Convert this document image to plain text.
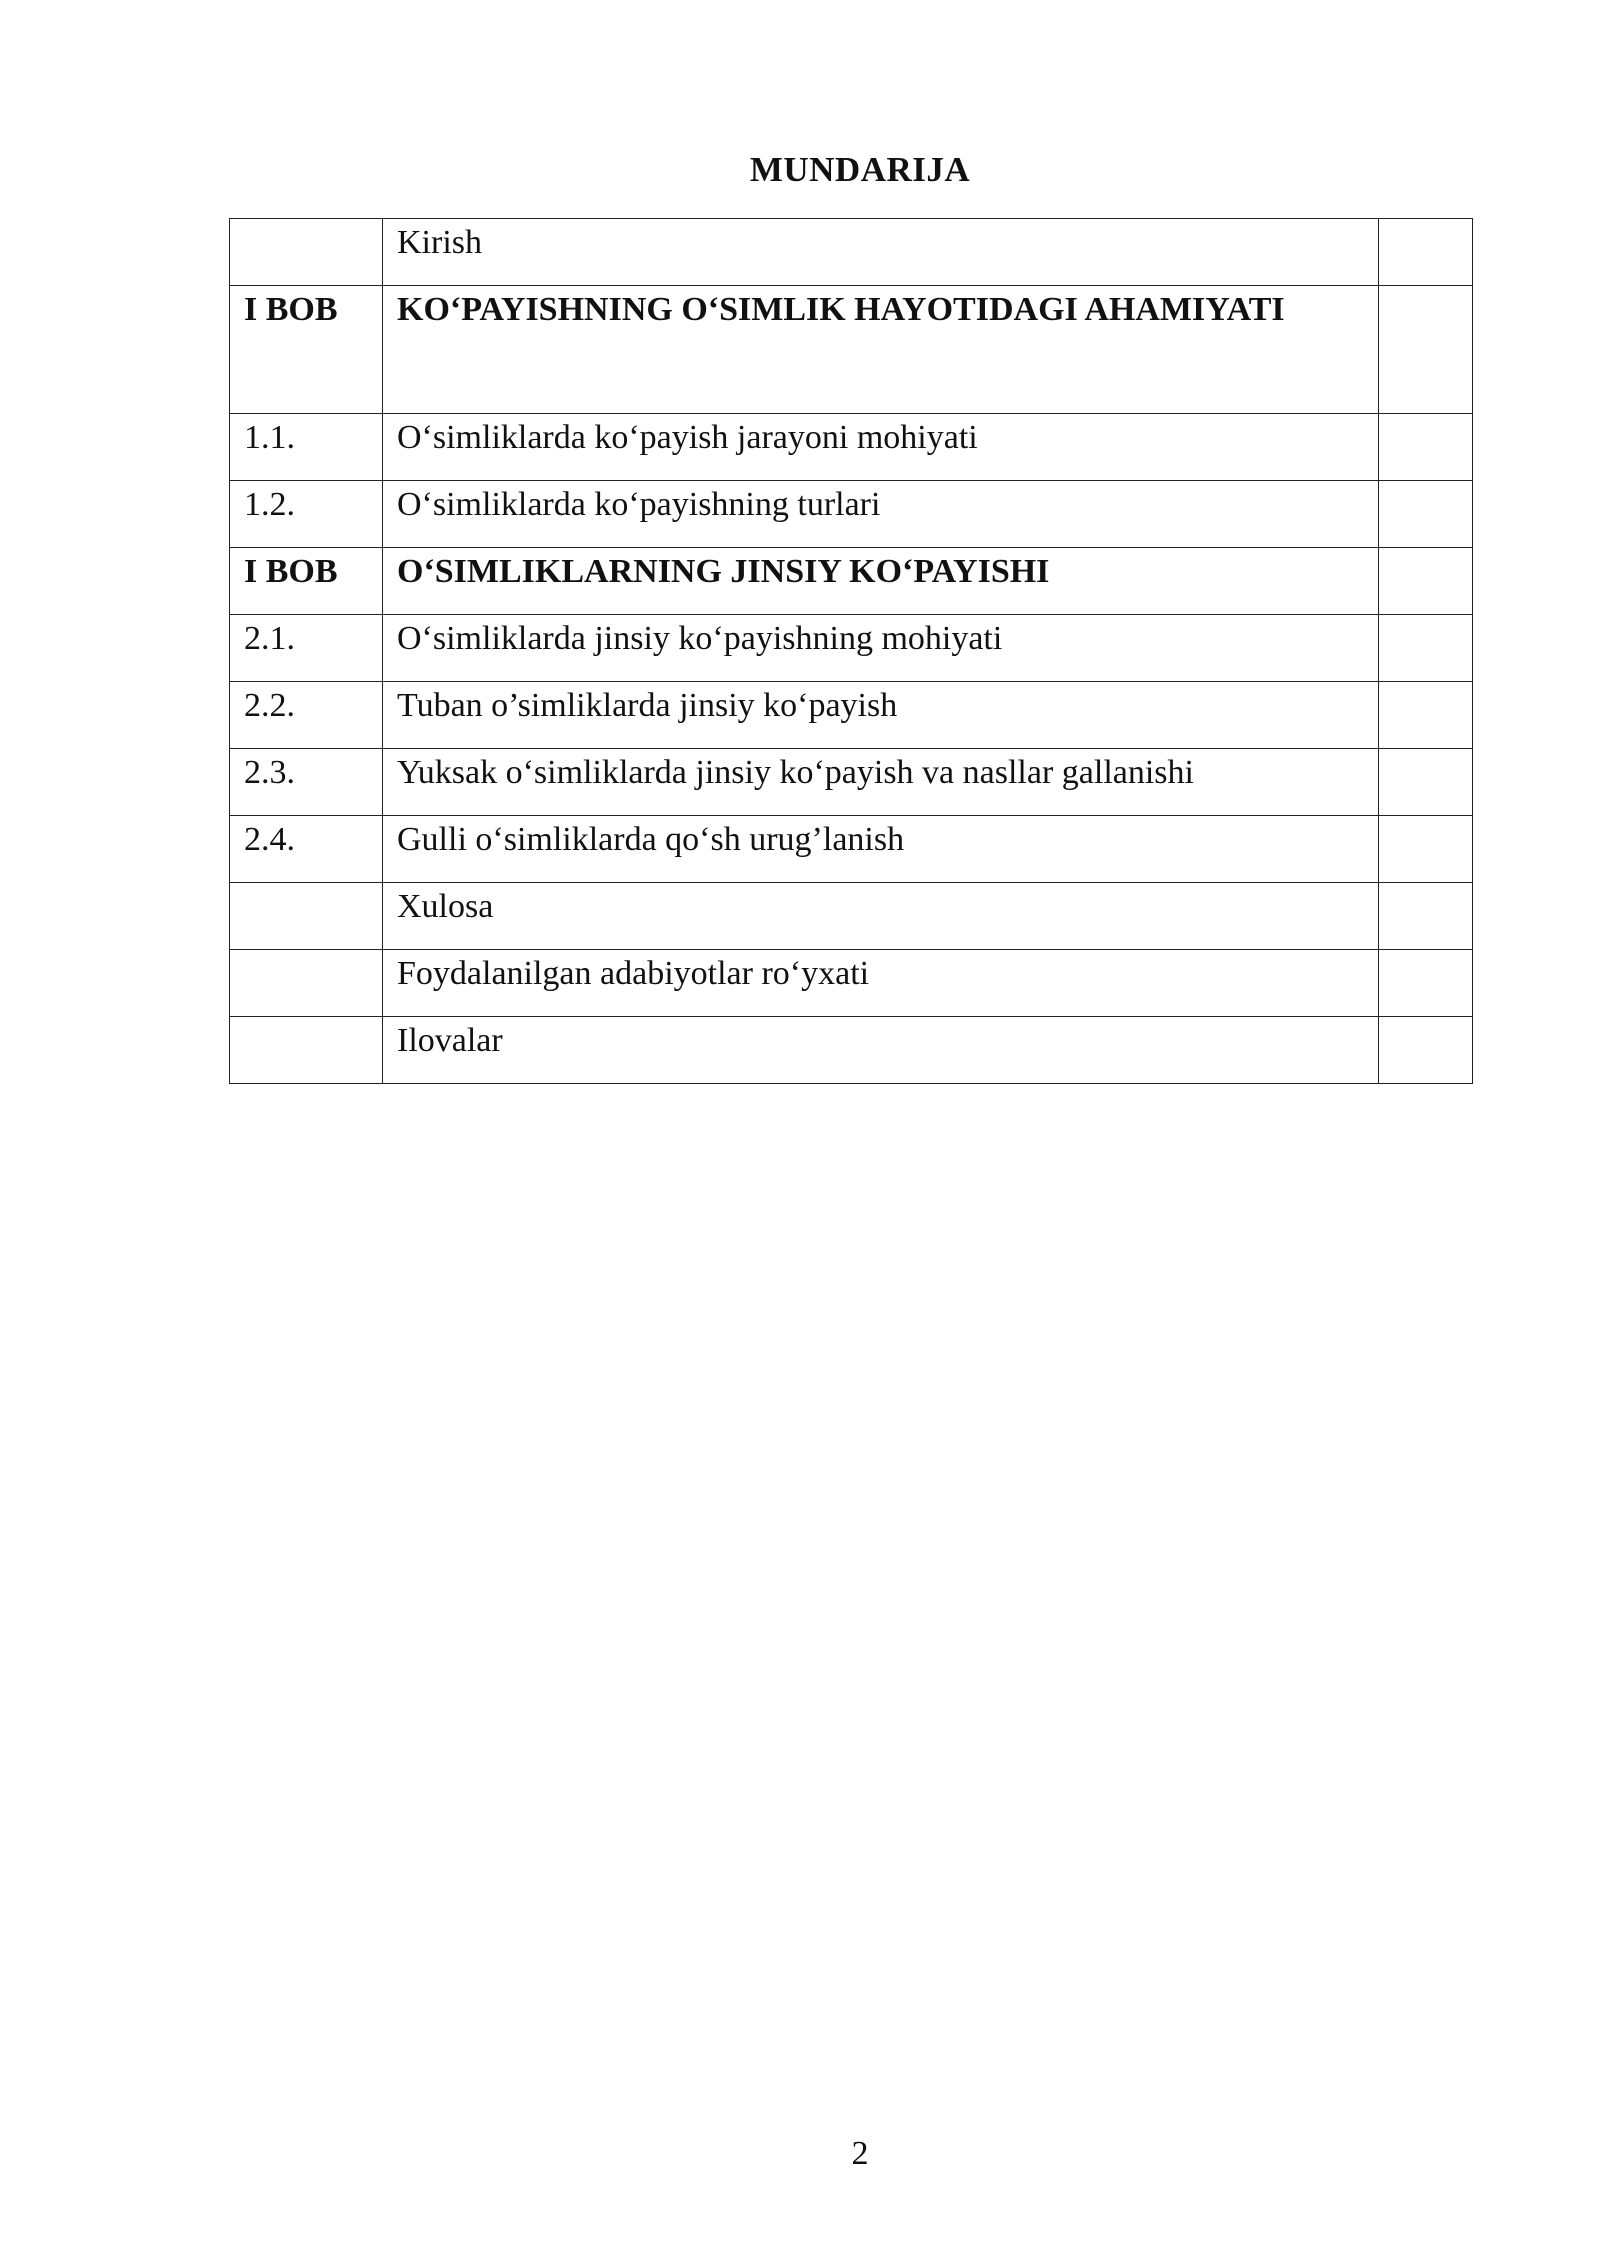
MUNDARIJA
	Kirish	
I BOB	KO‘PAYISHNING O‘SIMLIK HAYOTIDAGI AHAMIYATI	
1.1.	O‘simliklarda ko‘payish jarayoni mohiyati	
1.2.	O‘simliklarda ko‘payishning turlari	
I BOB	O‘SIMLIKLARNING JINSIY KO‘PAYISHI	
2.1.	O‘simliklarda jinsiy ko‘payishning mohiyati	
2.2.	Tuban o’simliklarda jinsiy ko‘payish	
2.3.	Yuksak o‘simliklarda jinsiy ko‘payish va nasllar gallanishi	
2.4.	Gulli o‘simliklarda qo‘sh urug’lanish	
	Xulosa	
	Foydalanilgan adabiyotlar ro‘yxati	
	Ilovalar	
2
